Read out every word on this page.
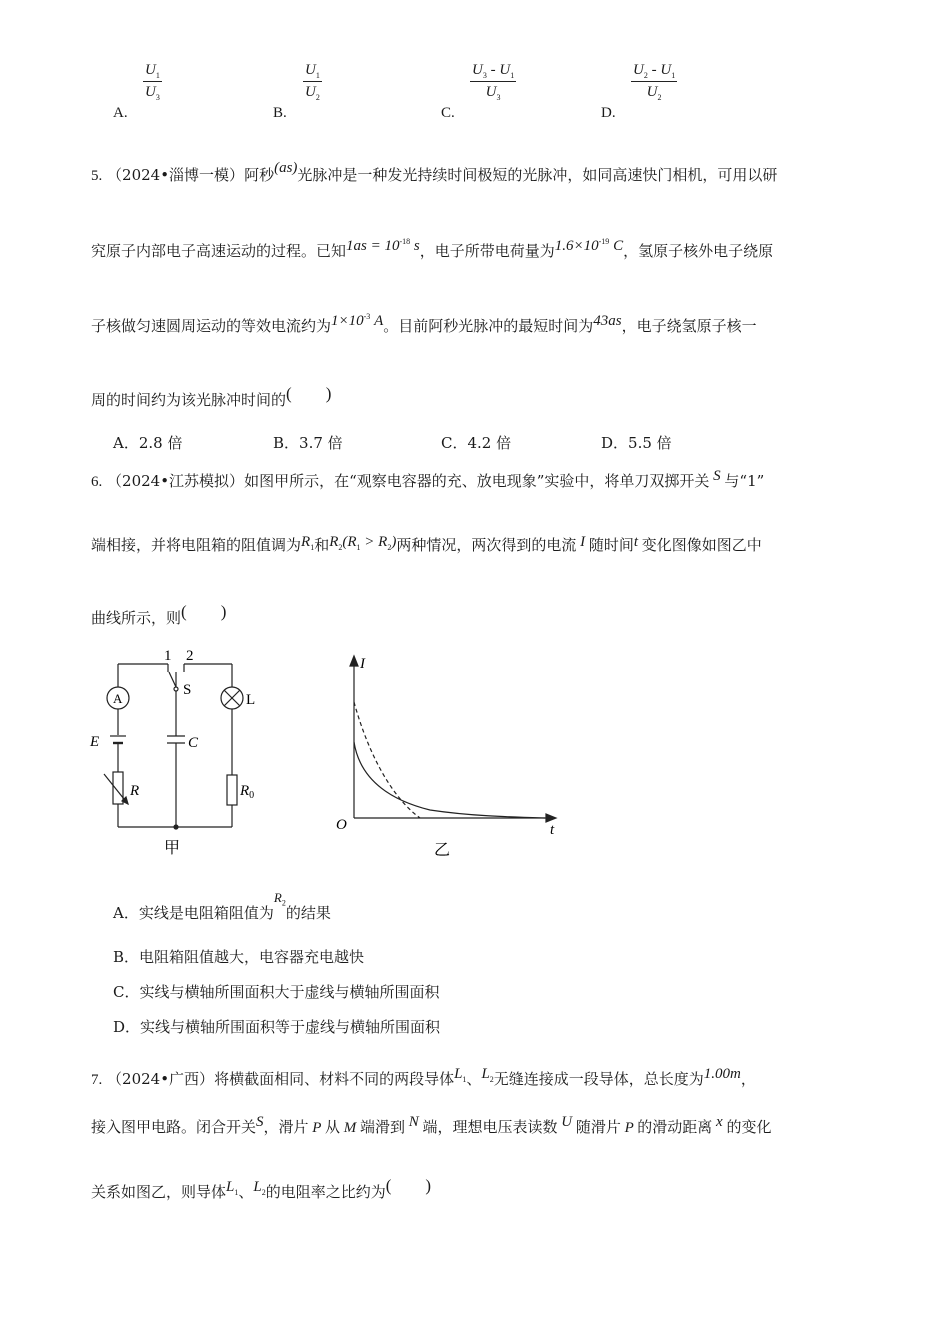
$\frac{U_1}{U_3}$
A.
$\frac{U_1}{U_2}$
B.
$\frac{U_3 - U_1}{U_3}$
C.
$\frac{U_2 - U_1}{U_2}$
D.
5. （2024•淄博一模）阿秒(as)光脉冲是一种发光持续时间极短的光脉冲，如同高速快门相机，可用以研
究原子内部电子高速运动的过程。已知$1as = 10^{-18}$ s，电子所带电荷量为$1.6\times 10^{-19}$ C，氢原子核外电子绕原
子核做匀速圆周运动的等效电流约为$1\times 10^{-3}$ A。目前阿秒光脉冲的最短时间为43as，电子绕氢原子核一
周的时间约为该光脉冲时间的( )
A．2.8 倍	B．3.7 倍	C．4.2 倍	D．5.5 倍
6. （2024•江苏模拟）如图甲所示，在“观察电容器的充、放电现象”实验中，将单刀双掷开关 S 与“1”
端相接，并将电阻箱的阻值调为$R_1$和$R_2(R_1 > R_2)$两种情况，两次得到的电流 I 随时间t 变化图像如图乙中
曲线所示，则( )
1 2
S
A	L
E	C
R	$R_0$
甲
I
O	t
乙
A．实线是电阻箱阻值为$R_2$的结果
B．电阻箱阻值越大，电容器充电越快
C．实线与横轴所围面积大于虚线与横轴所围面积
D．实线与横轴所围面积等于虚线与横轴所围面积
7. （2024•广西）将横截面相同、材料不同的两段导体$L_1$、$L_2$无缝连接成一段导体，总长度为1.00m，
接入图甲电路。闭合开关S，滑片 P 从 M 端滑到 N 端，理想电压表读数 U 随滑片 P 的滑动距离 x 的变化
关系如图乙，则导体$L_1$、$L_2$的电阻率之比约为( )
